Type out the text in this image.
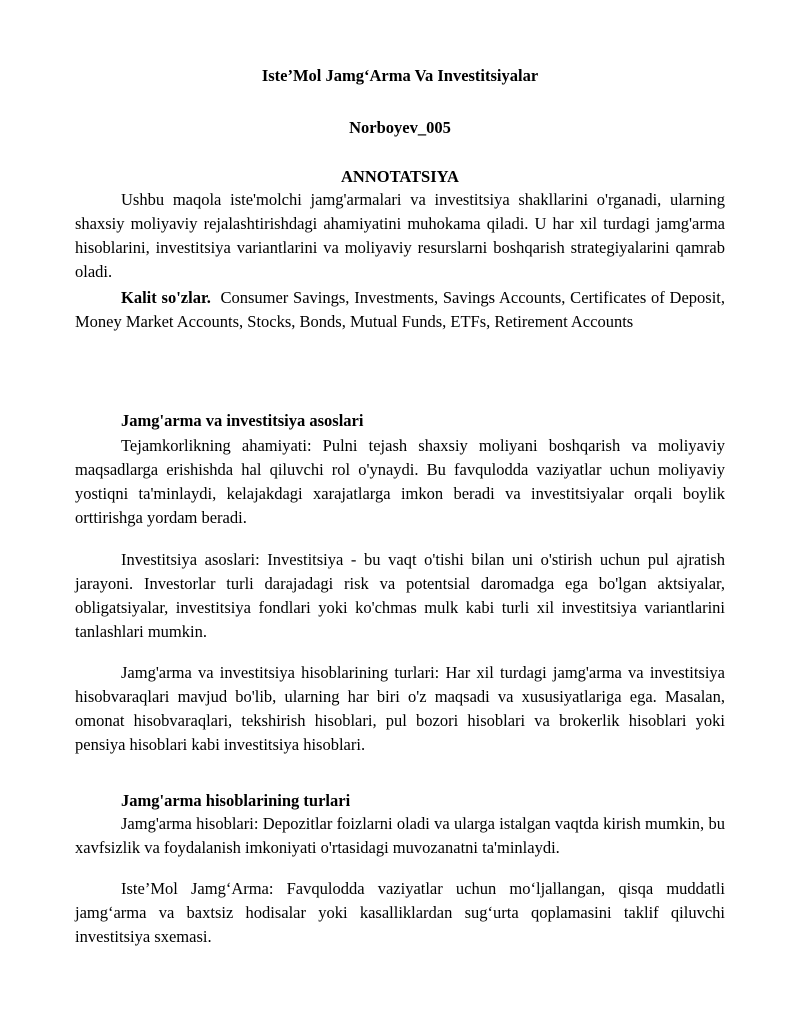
Iste’Mol Jamg‘Arma Va Investitsiyalar

Norboyev_005

ANNOTATSIYA

Ushbu maqola iste'molchi jamg'armalari va investitsiya shakllarini o'rganadi, ularning shaxsiy moliyaviy rejalashtirishdagi ahamiyatini muhokama qiladi. U har xil turdagi jamg'arma hisoblarini, investitsiya variantlarini va moliyaviy resurslarni boshqarish strategiyalarini qamrab oladi.

Kalit so'zlar. Consumer Savings, Investments, Savings Accounts, Certificates of Deposit, Money Market Accounts, Stocks, Bonds, Mutual Funds, ETFs, Retirement Accounts

Jamg'arma va investitsiya asoslari

Tejamkorlikning ahamiyati: Pulni tejash shaxsiy moliyani boshqarish va moliyaviy maqsadlarga erishishda hal qiluvchi rol o'ynaydi. Bu favqulodda vaziyatlar uchun moliyaviy yostiqni ta'minlaydi, kelajakdagi xarajatlarga imkon beradi va investitsiyalar orqali boylik orttirishga yordam beradi.

Investitsiya asoslari: Investitsiya - bu vaqt o'tishi bilan uni o'stirish uchun pul ajratish jarayoni. Investorlar turli darajadagi risk va potentsial daromadga ega bo'lgan aktsiyalar, obligatsiyalar, investitsiya fondlari yoki ko'chmas mulk kabi turli xil investitsiya variantlarini tanlashlari mumkin.

Jamg'arma va investitsiya hisoblarining turlari: Har xil turdagi jamg'arma va investitsiya hisobvaraqlari mavjud bo'lib, ularning har biri o'z maqsadi va xususiyatlariga ega. Masalan, omonat hisobvaraqlari, tekshirish hisoblari, pul bozori hisoblari va brokerlik hisoblari yoki pensiya hisoblari kabi investitsiya hisoblari.

Jamg'arma hisoblarining turlari

Jamg'arma hisoblari: Depozitlar foizlarni oladi va ularga istalgan vaqtda kirish mumkin, bu xavfsizlik va foydalanish imkoniyati o'rtasidagi muvozanatni ta'minlaydi.

Iste’Mol Jamg‘Arma: Favqulodda vaziyatlar uchun mo‘ljallangan, qisqa muddatli jamg‘arma va baxtsiz hodisalar yoki kasalliklardan sug‘urta qoplamasini taklif qiluvchi investitsiya sxemasi.
